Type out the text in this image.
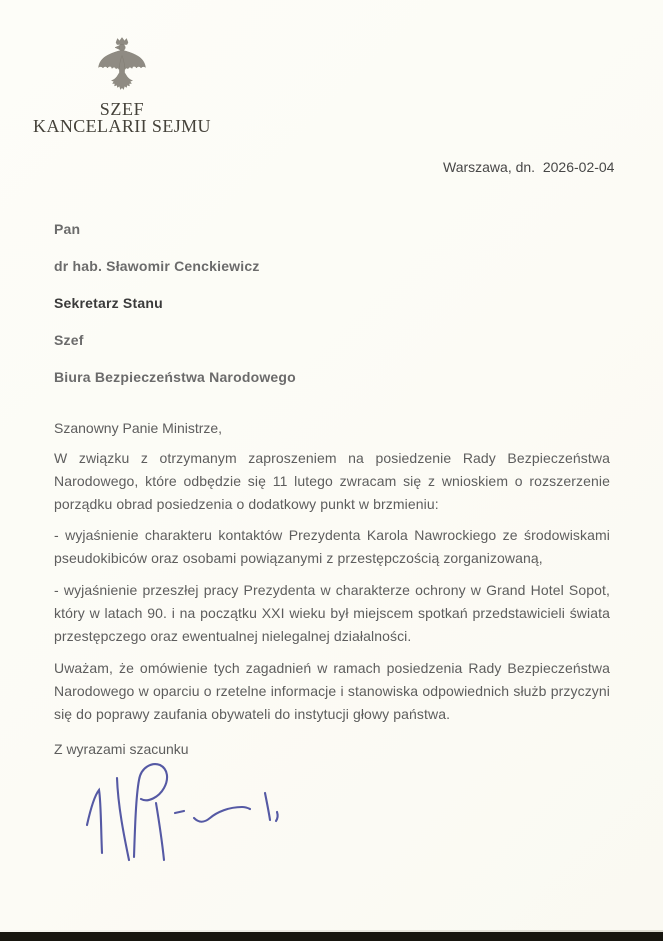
SZEF
KANCELARII SEJMU
Warszawa, dn.  2026-02-04

Pan

dr hab. Sławomir Cenckiewicz

Sekretarz Stanu

Szef

Biura Bezpieczeństwa Narodowego

Szanowny Panie Ministrze,

W związku z otrzymanym zaproszeniem na posiedzenie Rady Bezpieczeństwa Narodowego, które odbędzie się 11 lutego zwracam się z wnioskiem o rozszerzenie porządku obrad posiedzenia o dodatkowy punkt w brzmieniu:

- wyjaśnienie charakteru kontaktów Prezydenta Karola Nawrockiego ze środowiskami pseudokibiców oraz osobami powiązanymi z przestępczością zorganizowaną,

- wyjaśnienie przeszłej pracy Prezydenta w charakterze ochrony w Grand Hotel Sopot, który w latach 90. i na początku XXI wieku był miejscem spotkań przedstawicieli świata przestępczego oraz ewentualnej nielegalnej działalności.

Uważam, że omówienie tych zagadnień w ramach posiedzenia Rady Bezpieczeństwa Narodowego w oparciu o rzetelne informacje i stanowiska odpowiednich służb przyczyni się do poprawy zaufania obywateli do instytucji głowy państwa.

Z wyrazami szacunku
